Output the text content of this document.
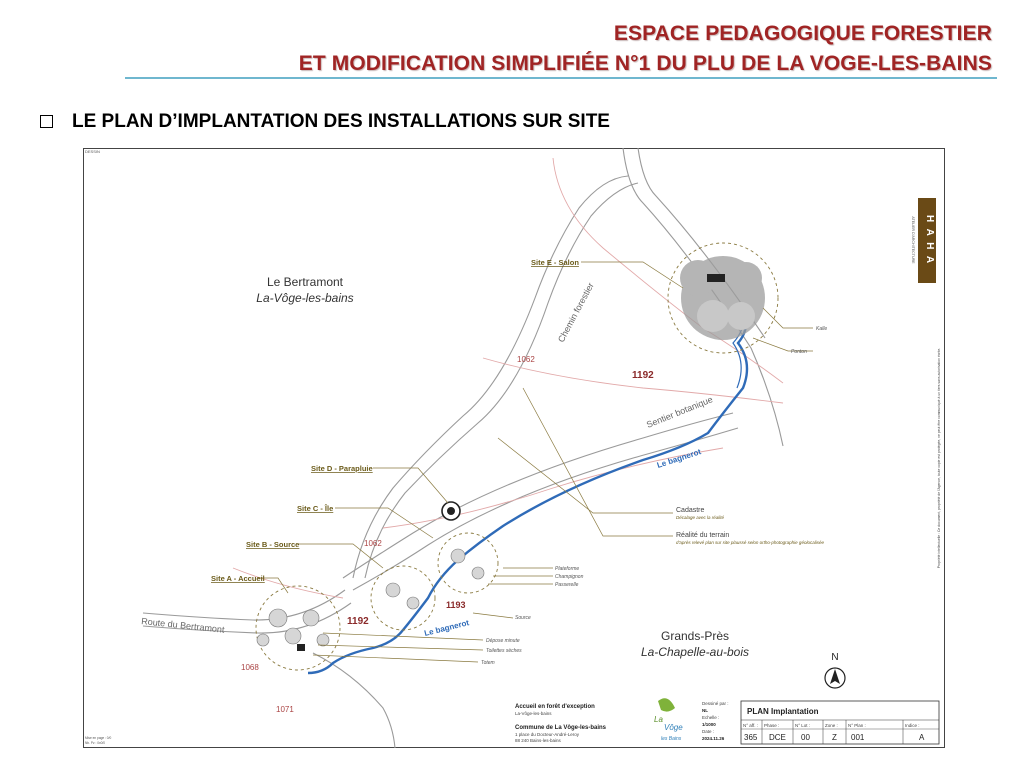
ESPACE PEDAGOGIQUE FORESTIER
ET MODIFICATION SIMPLIFIÉE N°1 DU PLU DE LA VOGE-LES-BAINS
LE PLAN D’IMPLANTATION DES INSTALLATIONS SUR SITE
DESSIN
Le Bertramont
La-Vôge-les-bains
Grands-Près
La-Chapelle-au-bois
1062
1192
1062
1193
1192
1068
1071
Chemin forestier
Sentier botanique
Route du Bertramont
Le bagnerot
Le bagnerot
Site E - Salon
Site D - Parapluie
Site C - Île
Site B - Source
Site A - Accueil
Kalle
Ponton
Plateforme
Champignon
Passerelle
Source
Dépose minute
Toilettes sèches
Totem
Cadastre
Décalage avec la réalité
Réalité du terrain
d'après relevé plan sur site plaussé selon ortho-photographie géolocalisée
N
H A H A
ATELIER D'ARCHITECTURE
Propriété intellectuelle : Ce document, propriété de l'Agence, toute copie est protégée, ne peut être communiqué à un tiers sans autorisation écrite.
Accueil en forêt d'exception
La-Vôge-les-bains
Commune de La Vôge-les-bains
1 place du Docteur-André-Leroy
88 240 Bains-les-bains
La
Vôge
les Bains
Dessiné par :
NL
Echelle :
1/1000
Date :
2024.11.26
PLAN Implantation
N° aff. : Phase :	N° Lot :	Zone : N° Plan :	Indice :
365 DCE 00	Z 001	A
Mise en page : 0/0
Nb. Pz : 0x0/0
